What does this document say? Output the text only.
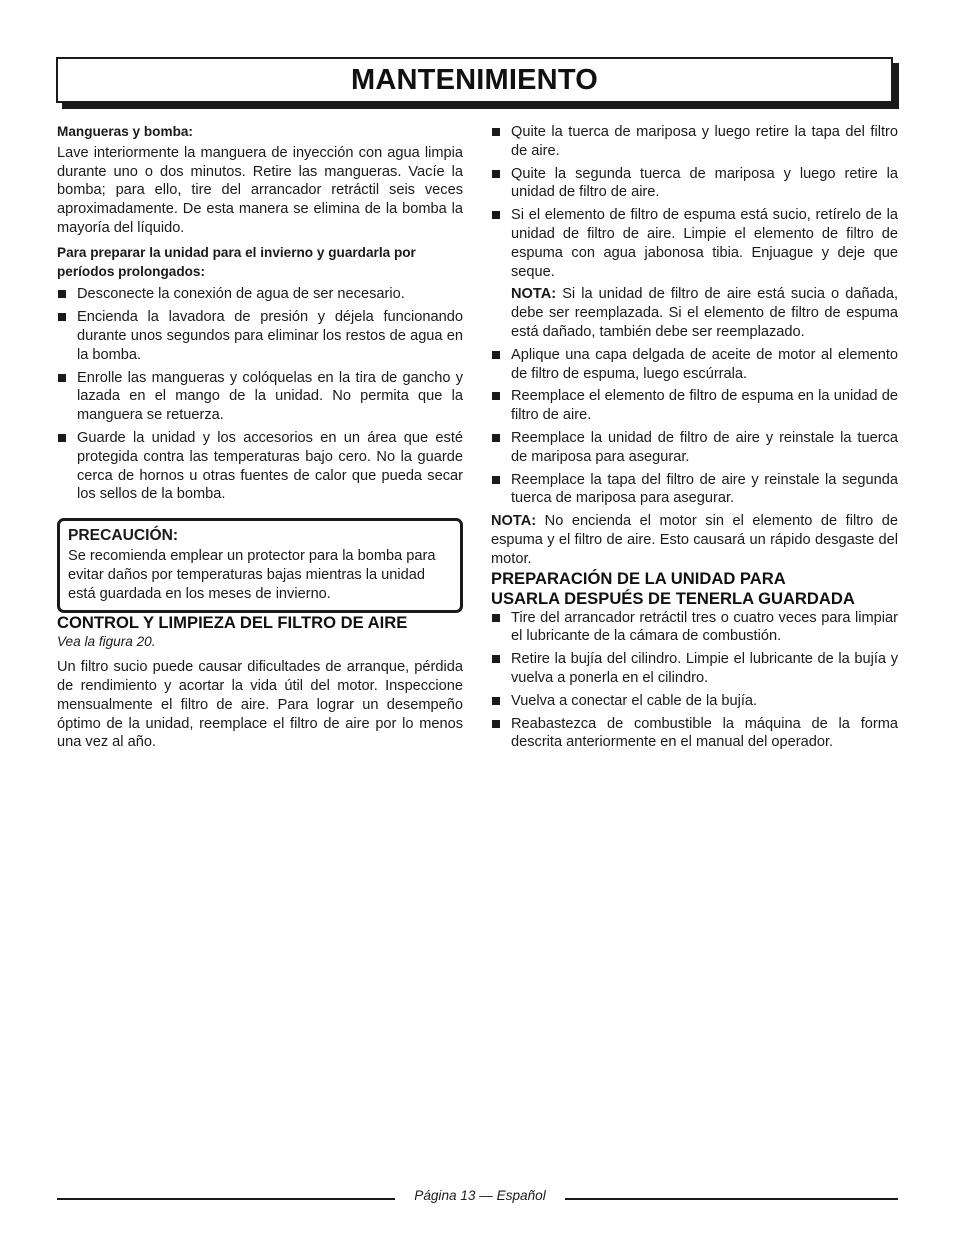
MANTENIMIENTO

Mangueras y bomba:

Lave interiormente la manguera de inyección con agua limpia durante uno o dos minutos. Retire las mangueras. Vacíe la bomba; para ello, tire del arrancador retráctil seis veces aproximadamente. De esta manera se elimina de la bomba la mayoría del líquido.

Para preparar la unidad para el invierno y guardarla por períodos prolongados:

Desconecte la conexión de agua de ser necesario.
Encienda la lavadora de presión y déjela funcionando durante unos segundos para eliminar los restos de agua en la bomba.
Enrolle las mangueras y colóquelas en la tira de gancho y lazada en el mango de la unidad. No permita que la manguera se retuerza.
Guarde la unidad y los accesorios en un área que esté protegida contra las temperaturas bajo cero. No la guarde cerca de hornos u otras fuentes de calor que pueda secar los sellos de la bomba.
PRECAUCIÓN:
Se recomienda emplear un protector para la bomba para evitar daños por temperaturas bajas mientras la unidad está guardada en los meses de invierno.
CONTROL Y LIMPIEZA DEL FILTRO DE AIRE

Vea la figura 20.

Un filtro sucio puede causar dificultades de arranque, pérdida de rendimiento y acortar la vida útil del motor. Inspeccione mensualmente el filtro de aire. Para lograr un desempeño óptimo de la unidad, reemplace el filtro de aire por lo menos una vez al año.

Quite la tuerca de mariposa y luego retire la tapa del filtro de aire.
Quite la segunda tuerca de mariposa y luego retire la unidad de filtro de aire.
Si el elemento de filtro de espuma está sucio, retírelo de la unidad de filtro de aire. Limpie el elemento de filtro de espuma con agua jabonosa tibia. Enjuague y deje que seque.

NOTA: Si la unidad de filtro de aire está sucia o dañada, debe ser reemplazada. Si el elemento de filtro de espuma está dañado, también debe ser reemplazado.

Aplique una capa delgada de aceite de motor al elemento de filtro de espuma, luego escúrrala.
Reemplace el elemento de filtro de espuma en la unidad de filtro de aire.
Reemplace la unidad de filtro de aire y reinstale la tuerca de mariposa para asegurar.
Reemplace la tapa del filtro de aire y reinstale la segunda tuerca de mariposa para asegurar.

NOTA: No encienda el motor sin el elemento de filtro de espuma y el filtro de aire. Esto causará un rápido desgaste del motor.

PREPARACIÓN DE LA UNIDAD PARA
USARLA DESPUÉS DE TENERLA GUARDADA
Tire del arrancador retráctil tres o cuatro veces para limpiar el lubricante de la cámara de combustión.
Retire la bujía del cilindro. Limpie el lubricante de la bujía y vuelva a ponerla en el cilindro.
Vuelva a conectar el cable de la bujía.
Reabastezca de combustible la máquina de la forma descrita anteriormente en el manual del operador.
Página 13 — Español
